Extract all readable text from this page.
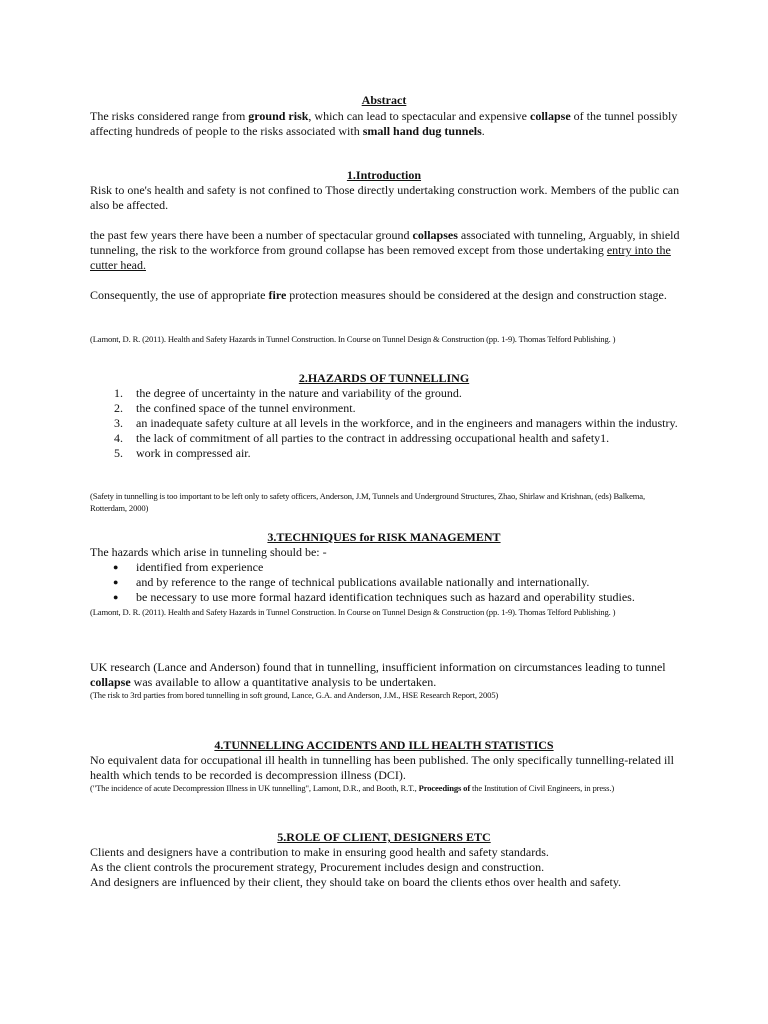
Abstract

The risks considered range from ground risk, which can lead to spectacular and expensive collapse of the tunnel possibly affecting hundreds of people to the risks associated with small hand dug tunnels.

1.Introduction

Risk to one's health and safety is not confined to Those directly undertaking construction work. Members of the public can also be affected.

the past few years there have been a number of spectacular ground collapses associated with tunneling, Arguably, in shield tunneling, the risk to the workforce from ground collapse has been removed except from those undertaking entry into the cutter head.

Consequently, the use of appropriate fire protection measures should be considered at the design and construction stage.

(Lamont, D. R. (2011). Health and Safety Hazards in Tunnel Construction. In Course on Tunnel Design & Construction (pp. 1-9). Thomas Telford Publishing. )

2.HAZARDS OF TUNNELLING

1. the degree of uncertainty in the nature and variability of the ground.
2. the confined space of the tunnel environment.
3. an inadequate safety culture at all levels in the workforce, and in the engineers and managers within the industry.
4. the lack of commitment of all parties to the contract in addressing occupational health and safety1.
5. work in compressed air.

(Safety in tunnelling is too important to be left only to safety officers, Anderson, J.M, Tunnels and Underground Structures, Zhao, Shirlaw and Krishnan, (eds) Balkema, Rotterdam, 2000)

3.TECHNIQUES for RISK MANAGEMENT

The hazards which arise in tunneling should be: -

● identified from experience
● and by reference to the range of technical publications available nationally and internationally.
● be necessary to use more formal hazard identification techniques such as hazard and operability studies.

(Lamont, D. R. (2011). Health and Safety Hazards in Tunnel Construction. In Course on Tunnel Design & Construction (pp. 1-9). Thomas Telford Publishing. )

UK research (Lance and Anderson) found that in tunnelling, insufficient information on circumstances leading to tunnel collapse was available to allow a quantitative analysis to be undertaken.

(The risk to 3rd parties from bored tunnelling in soft ground, Lance, G.A. and Anderson, J.M., HSE Research Report, 2005)

4.TUNNELLING ACCIDENTS AND ILL HEALTH STATISTICS

No equivalent data for occupational ill health in tunnelling has been published. The only specifically tunnelling-related ill health which tends to be recorded is decompression illness (DCI).

("The incidence of acute Decompression Illness in UK tunnelling", Lamont, D.R., and Booth, R.T., Proceedings of the Institution of Civil Engineers, in press.)

5.ROLE OF CLIENT, DESIGNERS ETC

Clients and designers have a contribution to make in ensuring good health and safety standards.

As the client controls the procurement strategy, Procurement includes design and construction.

And designers are influenced by their client, they should take on board the clients ethos over health and safety.
